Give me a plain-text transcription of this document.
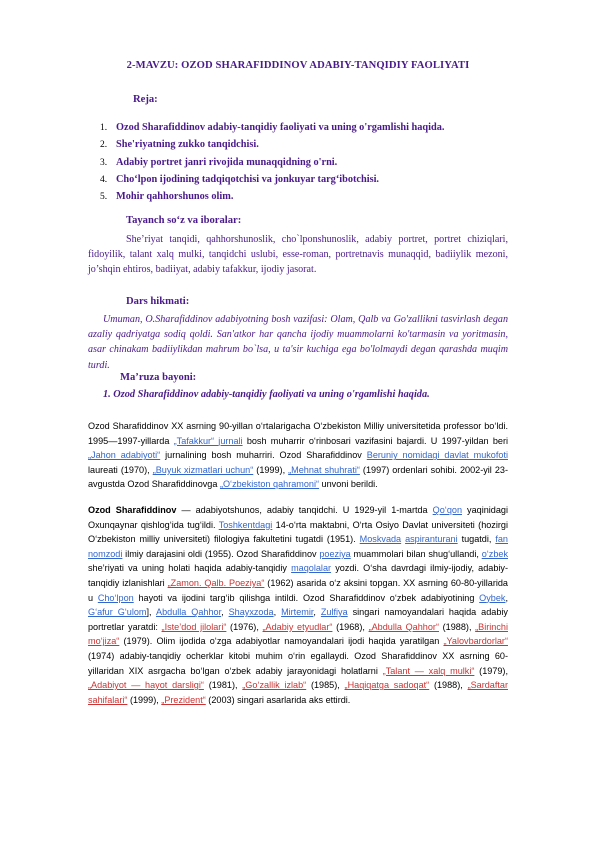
2-MAVZU: OZOD SHARAFIDDINOV ADABIY-TANQIDIY FAOLIYATI
Reja:
1. Ozod Sharafiddinov adabiy-tanqidiy faoliyati va uning o'rgamlishi haqida.
2. She'riyatning zukko tanqidchisi.
3. Adabiy portret janri rivojida munaqqidning o'rni.
4. Cho‘lpon ijodining tadqiqotchisi va jonkuyar targ‘ibotchisi.
5. Mohir qahhorshunos olim.
Tayanch so‘z va iboralar:
She’riyat tanqidi, qahhorshunoslik, cho`lponshunoslik, adabiy portret, portret chiziqlari, fidoyilik, talant xalq mulki, tanqidchi uslubi, esse-roman, portretnavis munaqqid, badiiylik mezoni, jo’shqin ehtiros, badiiyat, adabiy tafakkur, ijodiy jasorat.
Dars hikmati:
Umuman, O.Sharafiddinov adabiyotning bosh vazifasi: Olam, Qalb va Go'zallikni tasvirlash degan azaliy qadriyatga sodiq qoldi. San'atkor har qancha ijodiy muammolarni ko'tarmasin va yoritmasin, asar chinakam badiiylikdan mahrum bo`lsa, u ta'sir kuchiga ega bo'lolmaydi degan qarashda muqim turdi.
Ma’ruza bayoni:
1. Ozod Sharafiddinov adabiy-tanqidiy faoliyati va uning o'rgamlishi haqida.
Ozod Sharafiddinov XX asrning 90-yillan o‘rtalarigacha O‘zbekiston Milliy universitetida professor bo‘ldi. 1995—1997-yillarda „Tafakkur“ jurnali bosh muharrir o‘rinbosari vazifasini bajardi. U 1997-yildan beri „Jahon adabiyoti“ jurnalining bosh muharriri. Ozod Sharafiddinov Beruniy nomidagi davlat mukofoti laureati (1970), „Buyuk xizmatlari uchun“ (1999), „Mehnat shuhrati“ (1997) ordenlari sohibi. 2002-yil 23-avgustda Ozod Sharafiddinovga „O‘zbekiston qahramoni“ unvoni berildi.
Ozod Sharafiddinov — adabiyotshunos, adabiy tanqidchi. U 1929-yil 1-martda Qo‘qon yaqinidagi Oxunqaynar qishlog‘ida tug‘ildi. Toshkentdagi 14-o‘rta maktabni, O‘rta Osiyo Davlat universiteti (hozirgi O‘zbekiston milliy universiteti) filologiya fakultetini tugatdi (1951). Moskvada aspiranturani tugatdi, fan nomzodi ilmiy darajasini oldi (1955). Ozod Sharafiddinov poeziya muammolari bilan shug‘ullandi, o‘zbek she’riyati va uning holati haqida adabiy-tanqidiy maqolalar yozdi. O‘sha davrdagi ilmiy-ijodiy, adabiy-tanqidiy izlanishlari „Zamon. Qalb. Poeziya“ (1962) asarida o‘z aksini topgan. XX asrning 60-80-yillarida u Cho‘lpon hayoti va ijodini targ‘ib qilishga intildi. Ozod Sharafiddinov o‘zbek adabiyotining Oybek, G‘afur G‘ulom], Abdulla Qahhor, Shayxzoda, Mirtemir, Zulfiya singari namoyandalari haqida adabiy portretlar yaratdi: „Iste’dod jilolari“ (1976), „Adabiy etyudlar“ (1968), „Abdulla Qahhor“ (1988), „Birinchi mo‘jiza“ (1979). Olim ijodida o‘zga adabiyotlar namoyandalari ijodi haqida yaratilgan „Yalovbardorlar“ (1974) adabiy-tanqidiy ocherklar kitobi muhim o‘rin egallaydi. Ozod Sharafiddinov XX asrning 60-yillaridan XIX asrgacha bo‘lgan o‘zbek adabiy jarayonidagi holatlarni „Talant — xalq mulki“ (1979), „Adabiyot — hayot darsligi“ (1981), „Go‘zallik izlab“ (1985), „Haqiqatga sadoqat“ (1988), „Sardaftar sahifalari“ (1999), „Prezident“ (2003) singari asarlarida aks ettirdi.
